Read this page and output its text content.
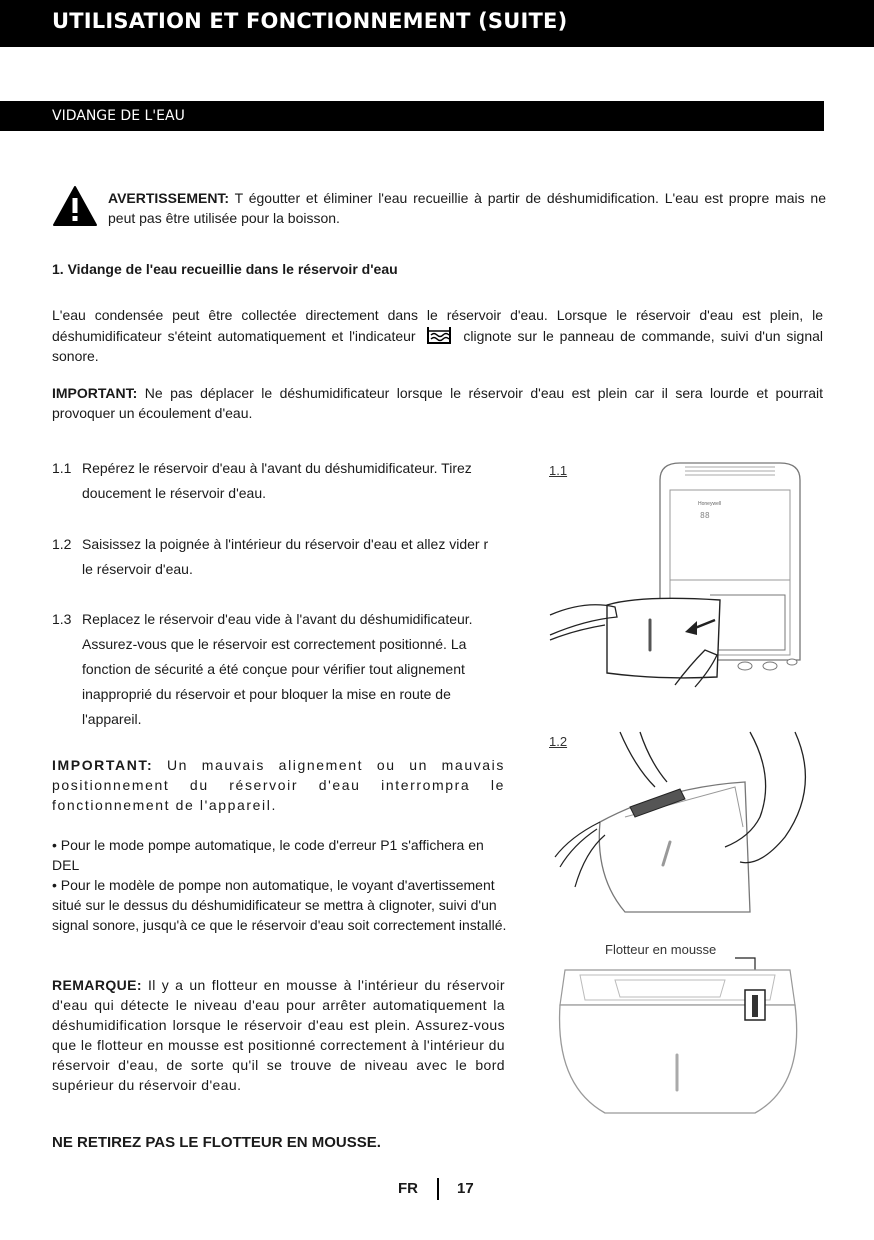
UTILISATION ET FONCTIONNEMENT (SUITE)
VIDANGE DE L'EAU
AVERTISSEMENT: T égoutter et éliminer l'eau recueillie à partir de déshumidification. L'eau est propre mais ne peut pas être utilisée pour la boisson.
1. Vidange de l'eau recueillie dans le réservoir d'eau
L'eau condensée peut être collectée directement dans le réservoir d'eau. Lorsque le réservoir d'eau est plein, le déshumidificateur s'éteint automatiquement et l'indicateur	clignote sur le panneau de commande, suivi d'un signal sonore.
IMPORTANT: Ne pas déplacer le déshumidificateur lorsque le réservoir d'eau est plein car il sera lourde et pourrait provoquer un écoulement d'eau.
1.1 Repérez le réservoir d'eau à l'avant du déshumidificateur. Tirez doucement le réservoir d'eau.
1.2 Saisissez la poignée à l'intérieur du réservoir d'eau et allez vider r le réservoir d'eau.
1.3 Replacez le réservoir d'eau vide à l'avant du déshumidificateur. Assurez-vous que le réservoir est correctement positionné. La fonction de sécurité a été conçue pour vérifier tout alignement inapproprié du réservoir et pour bloquer la mise en route de l'appareil.
IMPORTANT: Un mauvais alignement ou un mauvais positionnement du réservoir d'eau interrompra le fonctionnement de l'appareil.
• Pour le mode pompe automatique, le code d'erreur P1 s'affichera en DEL
• Pour le modèle de pompe non automatique, le voyant d'avertissement situé sur le dessus du déshumidificateur se mettra à clignoter, suivi d'un signal sonore, jusqu'à ce que le réservoir d'eau soit correctement installé.
REMARQUE: Il y a un flotteur en mousse à l'intérieur du réservoir d'eau qui détecte le niveau d'eau pour arrêter automatiquement la déshumidification lorsque le réservoir d'eau est plein. Assurez-vous que le flotteur en mousse est positionné correctement à l'intérieur du réservoir d'eau, de sorte qu'il se trouve de niveau avec le bord supérieur du réservoir d'eau.
NE RETIREZ PAS LE FLOTTEUR EN MOUSSE.
1.1
Honeywell
88
1.2
Flotteur en mousse
FR	17
